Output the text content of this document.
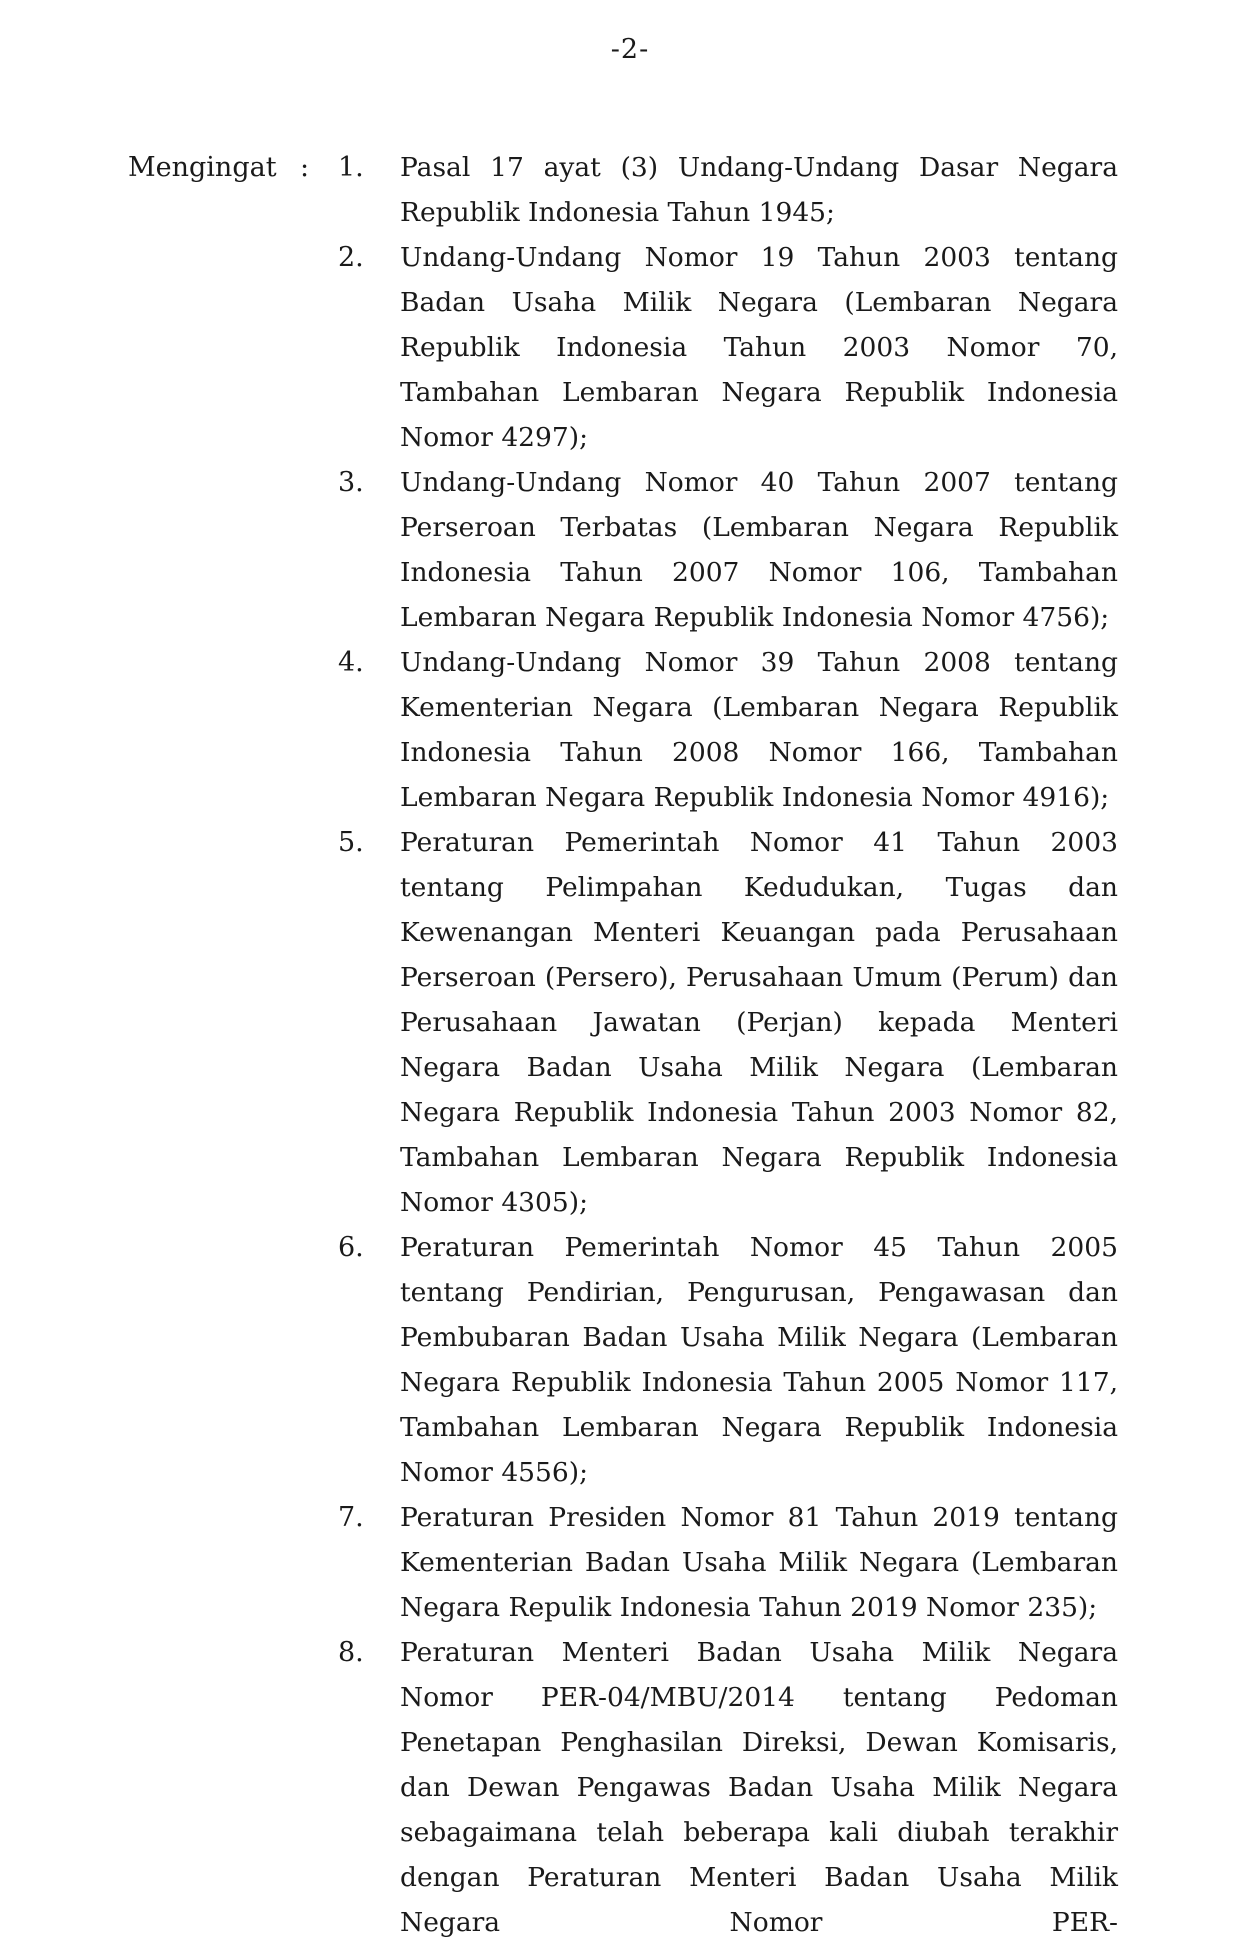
-2-
Mengingat : 1. Pasal 17 ayat (3) Undang-Undang Dasar Negara Republik Indonesia Tahun 1945;
2. Undang-Undang Nomor 19 Tahun 2003 tentang Badan Usaha Milik Negara (Lembaran Negara Republik Indonesia Tahun 2003 Nomor 70, Tambahan Lembaran Negara Republik Indonesia Nomor 4297);
3. Undang-Undang Nomor 40 Tahun 2007 tentang Perseroan Terbatas (Lembaran Negara Republik Indonesia Tahun 2007 Nomor 106, Tambahan Lembaran Negara Republik Indonesia Nomor 4756);
4. Undang-Undang Nomor 39 Tahun 2008 tentang Kementerian Negara (Lembaran Negara Republik Indonesia Tahun 2008 Nomor 166, Tambahan Lembaran Negara Republik Indonesia Nomor 4916);
5. Peraturan Pemerintah Nomor 41 Tahun 2003 tentang Pelimpahan Kedudukan, Tugas dan Kewenangan Menteri Keuangan pada Perusahaan Perseroan (Persero), Perusahaan Umum (Perum) dan Perusahaan Jawatan (Perjan) kepada Menteri Negara Badan Usaha Milik Negara (Lembaran Negara Republik Indonesia Tahun 2003 Nomor 82, Tambahan Lembaran Negara Republik Indonesia Nomor 4305);
6. Peraturan Pemerintah Nomor 45 Tahun 2005 tentang Pendirian, Pengurusan, Pengawasan dan Pembubaran Badan Usaha Milik Negara (Lembaran Negara Republik Indonesia Tahun 2005 Nomor 117, Tambahan Lembaran Negara Republik Indonesia Nomor 4556);
7. Peraturan Presiden Nomor 81 Tahun 2019 tentang Kementerian Badan Usaha Milik Negara (Lembaran Negara Repulik Indonesia Tahun 2019 Nomor 235);
8. Peraturan Menteri Badan Usaha Milik Negara Nomor PER-04/MBU/2014 tentang Pedoman Penetapan Penghasilan Direksi, Dewan Komisaris, dan Dewan Pengawas Badan Usaha Milik Negara sebagaimana telah beberapa kali diubah terakhir dengan Peraturan Menteri Badan Usaha Milik Negara Nomor PER-
